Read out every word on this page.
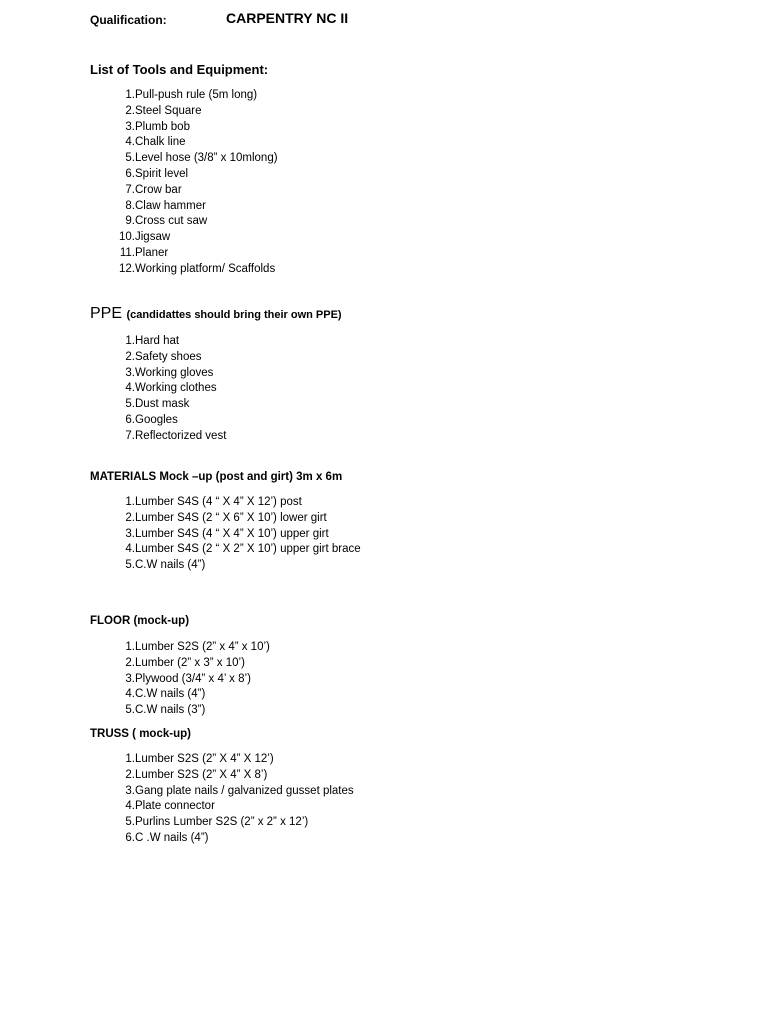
Qualification:	CARPENTRY NC II
List of Tools and Equipment:
1. Pull-push rule (5m long)
2. Steel Square
3. Plumb bob
4. Chalk line
5. Level hose (3/8” x 10mlong)
6. Spirit level
7. Crow bar
8. Claw hammer
9. Cross cut saw
10. Jigsaw
11. Planer
12. Working platform/ Scaffolds
PPE (candidattes should bring their own PPE)
1. Hard hat
2. Safety shoes
3. Working gloves
4. Working clothes
5. Dust mask
6. Googles
7. Reflectorized vest
MATERIALS Mock –up (post and girt) 3m x 6m
1. Lumber S4S (4 “ X 4” X 12’) post
2. Lumber S4S (2 “ X 6” X 10’) lower girt
3. Lumber S4S (4 “ X 4” X 10’) upper girt
4. Lumber S4S (2 “ X 2” X 10’) upper girt brace
5. C.W nails (4”)
FLOOR (mock-up)
1. Lumber S2S (2” x 4” x 10’)
2. Lumber (2” x 3” x 10’)
3. Plywood (3/4” x 4’ x 8’)
4. C.W nails (4”)
5. C.W nails (3”)
TRUSS ( mock-up)
1. Lumber S2S (2” X 4” X 12’)
2. Lumber S2S (2” X 4” X 8’)
3. Gang plate nails / galvanized gusset plates
4. Plate connector
5. Purlins Lumber S2S (2” x 2” x 12’)
6. C .W nails (4”)
